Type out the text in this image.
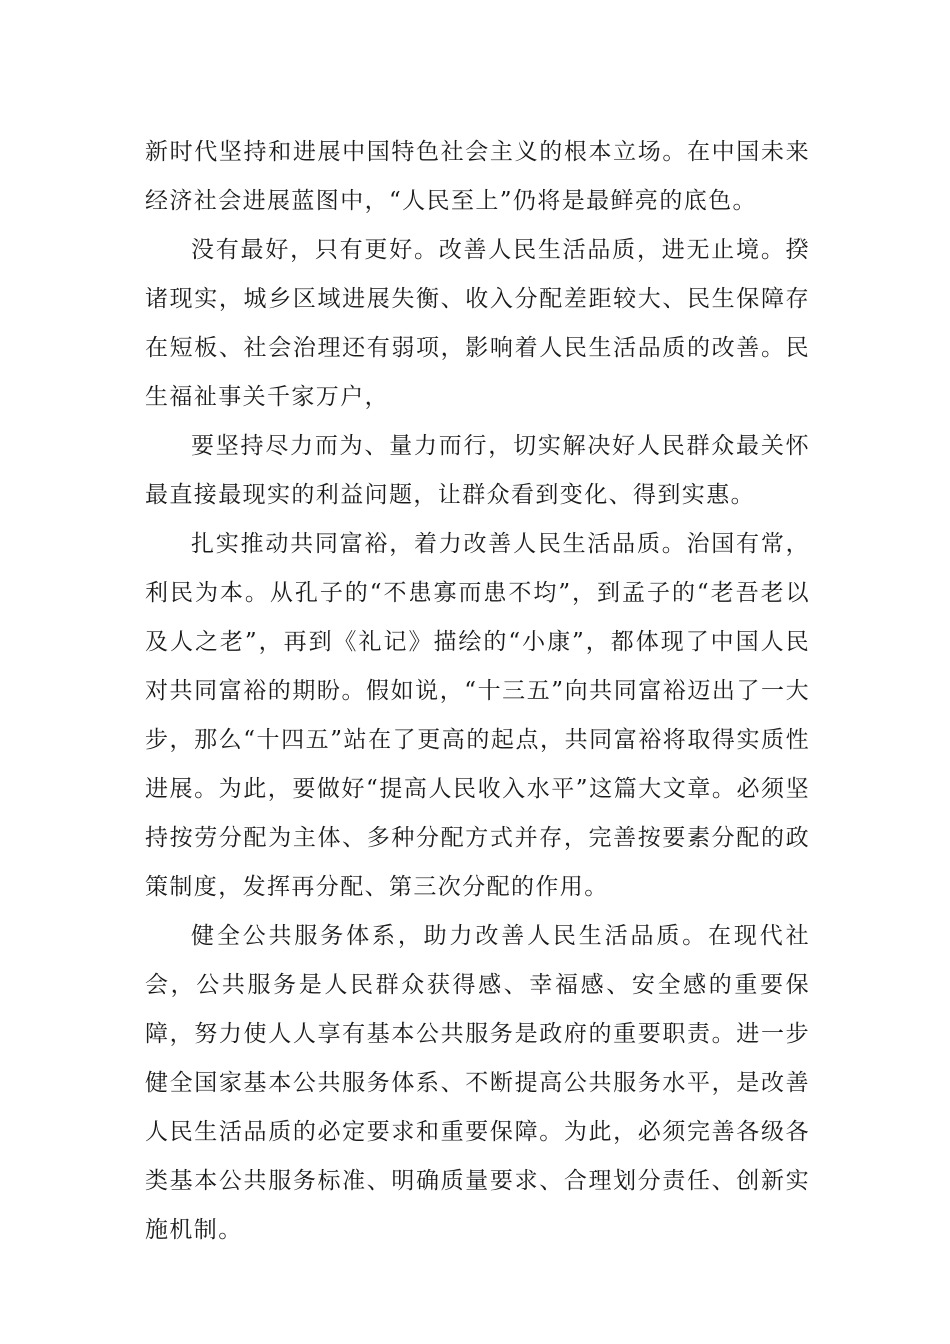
新时代坚持和进展中国特色社会主义的根本立场。在中国未来经济社会进展蓝图中，“人民至上”仍将是最鲜亮的底色。

没有最好，只有更好。改善人民生活品质，进无止境。揆诸现实，城乡区域进展失衡、收入分配差距较大、民生保障存在短板、社会治理还有弱项，影响着人民生活品质的改善。民生福祉事关千家万户，

要坚持尽力而为、量力而行，切实解决好人民群众最关怀最直接最现实的利益问题，让群众看到变化、得到实惠。

扎实推动共同富裕，着力改善人民生活品质。治国有常，利民为本。从孔子的“不患寡而患不均”，到孟子的“老吾老以及人之老”，再到《礼记》描绘的“小康”，都体现了中国人民对共同富裕的期盼。假如说，“十三五”向共同富裕迈出了一大步，那么“十四五”站在了更高的起点，共同富裕将取得实质性进展。为此，要做好“提高人民收入水平”这篇大文章。必须坚持按劳分配为主体、多种分配方式并存，完善按要素分配的政策制度，发挥再分配、第三次分配的作用。

健全公共服务体系，助力改善人民生活品质。在现代社会，公共服务是人民群众获得感、幸福感、安全感的重要保障，努力使人人享有基本公共服务是政府的重要职责。进一步健全国家基本公共服务体系、不断提高公共服务水平，是改善人民生活品质的必定要求和重要保障。为此，必须完善各级各类基本公共服务标准、明确质量要求、合理划分责任、创新实施机制。
